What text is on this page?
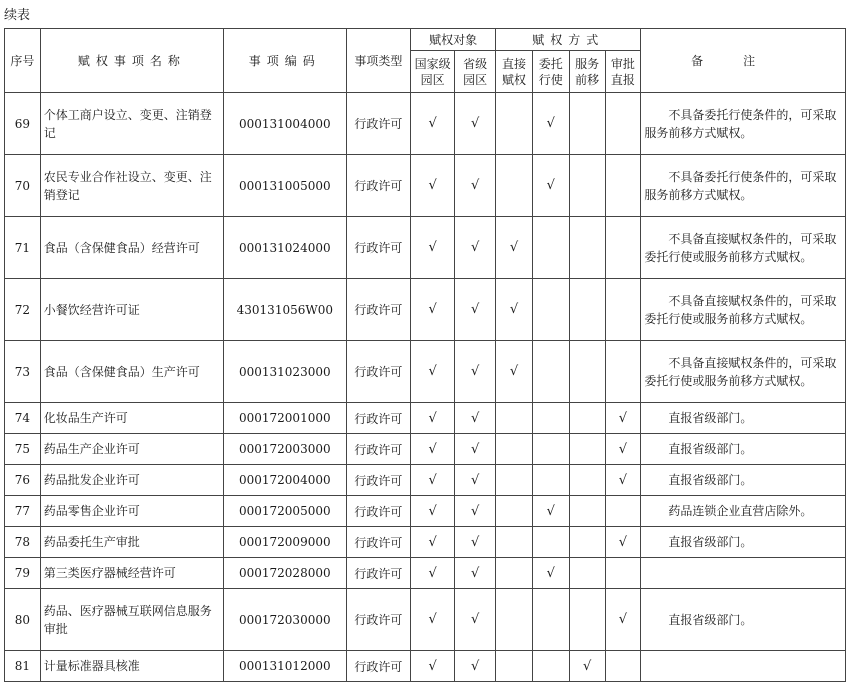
续表
序号	赋权事项名称	事项编码	事项类型	赋权对象		赋权方式				备注
				国家级园区	省级园区	直接赋权	委托行使	服务前移	审批直报	
69	个体工商户设立、变更、注销登记	000131004000	行政许可	√	√		√			不具备委托行使条件的，可采取服务前移方式赋权。
70	农民专业合作社设立、变更、注销登记	000131005000	行政许可	√	√		√			不具备委托行使条件的，可采取服务前移方式赋权。
71	食品（含保健食品）经营许可	000131024000	行政许可	√	√	√				不具备直接赋权条件的，可采取委托行使或服务前移方式赋权。
72	小餐饮经营许可证	430131056W00	行政许可	√	√	√				不具备直接赋权条件的，可采取委托行使或服务前移方式赋权。
73	食品（含保健食品）生产许可	000131023000	行政许可	√	√	√				不具备直接赋权条件的，可采取委托行使或服务前移方式赋权。
74	化妆品生产许可	000172001000	行政许可	√	√				√	直报省级部门。
75	药品生产企业许可	000172003000	行政许可	√	√				√	直报省级部门。
76	药品批发企业许可	000172004000	行政许可	√	√				√	直报省级部门。
77	药品零售企业许可	000172005000	行政许可	√	√		√			药品连锁企业直营店除外。
78	药品委托生产审批	000172009000	行政许可	√	√				√	直报省级部门。
79	第三类医疗器械经营许可	000172028000	行政许可	√	√		√			
80	药品、医疗器械互联网信息服务审批	000172030000	行政许可	√	√				√	直报省级部门。
81	计量标准器具核准	000131012000	行政许可	√	√			√		
